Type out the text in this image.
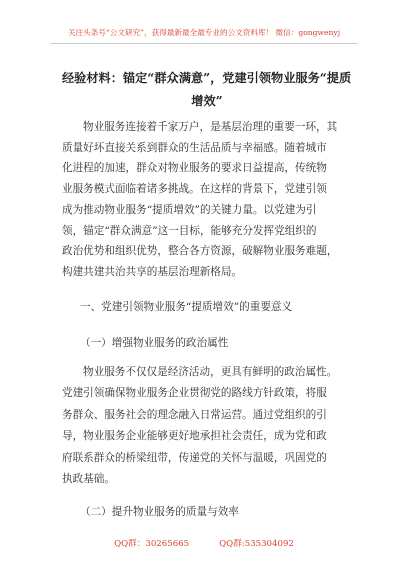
关注头条号“公文研究”，获得最新最全最专业的公文资料库！ 微信：gongwenyj
经验材料：锚定“群众满意”，党建引领物业服务“提质
增效”
物业服务连接着千家万户，是基层治理的重要一环，其
质量好坏直接关系到群众的生活品质与幸福感。随着城市
化进程的加速，群众对物业服务的要求日益提高，传统物
业服务模式面临着诸多挑战。在这样的背景下，党建引领
成为推动物业服务“提质增效”的关键力量。以党建为引
领，锚定“群众满意”这一目标，能够充分发挥党组织的
政治优势和组织优势，整合各方资源，破解物业服务难题，
构建共建共治共享的基层治理新格局。
一、党建引领物业服务“提质增效”的重要意义
（一）增强物业服务的政治属性
物业服务不仅仅是经济活动，更具有鲜明的政治属性。
党建引领确保物业服务企业贯彻党的路线方针政策，将服
务群众、服务社会的理念融入日常运营。通过党组织的引
导，物业服务企业能够更好地承担社会责任，成为党和政
府联系群众的桥梁纽带，传递党的关怀与温暖，巩固党的
执政基础。
（二）提升物业服务的质量与效率
QQ群：30265665	QQ群:535304092
